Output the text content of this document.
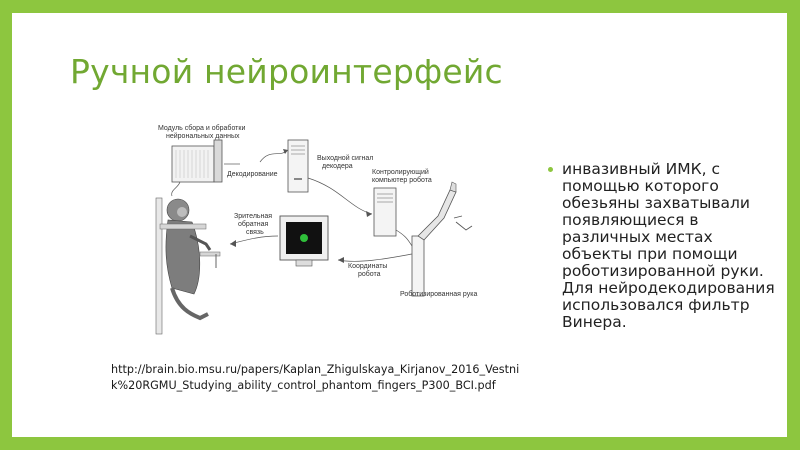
Ручной нейроинтерфейс
Модуль сбора и обработки
нейрональных данных
Декодирование
Выходной сигнал
декодера
Контролирующий
компьютер робота
Роботизированная рука
Координаты
робота
Зрительная
обратная
связь
инвазивный ИМК, с помощью которого обезьяны захватывали появляющиеся в различных местах объекты при помощи роботизированной руки. Для нейродекодирования использовался фильтр Винера.
http://brain.bio.msu.ru/papers/Kaplan_Zhigulskaya_Kirjanov_2016_Vestnik%20RGMU_Studying_ability_control_phantom_fingers_P300_BCI.pdf
